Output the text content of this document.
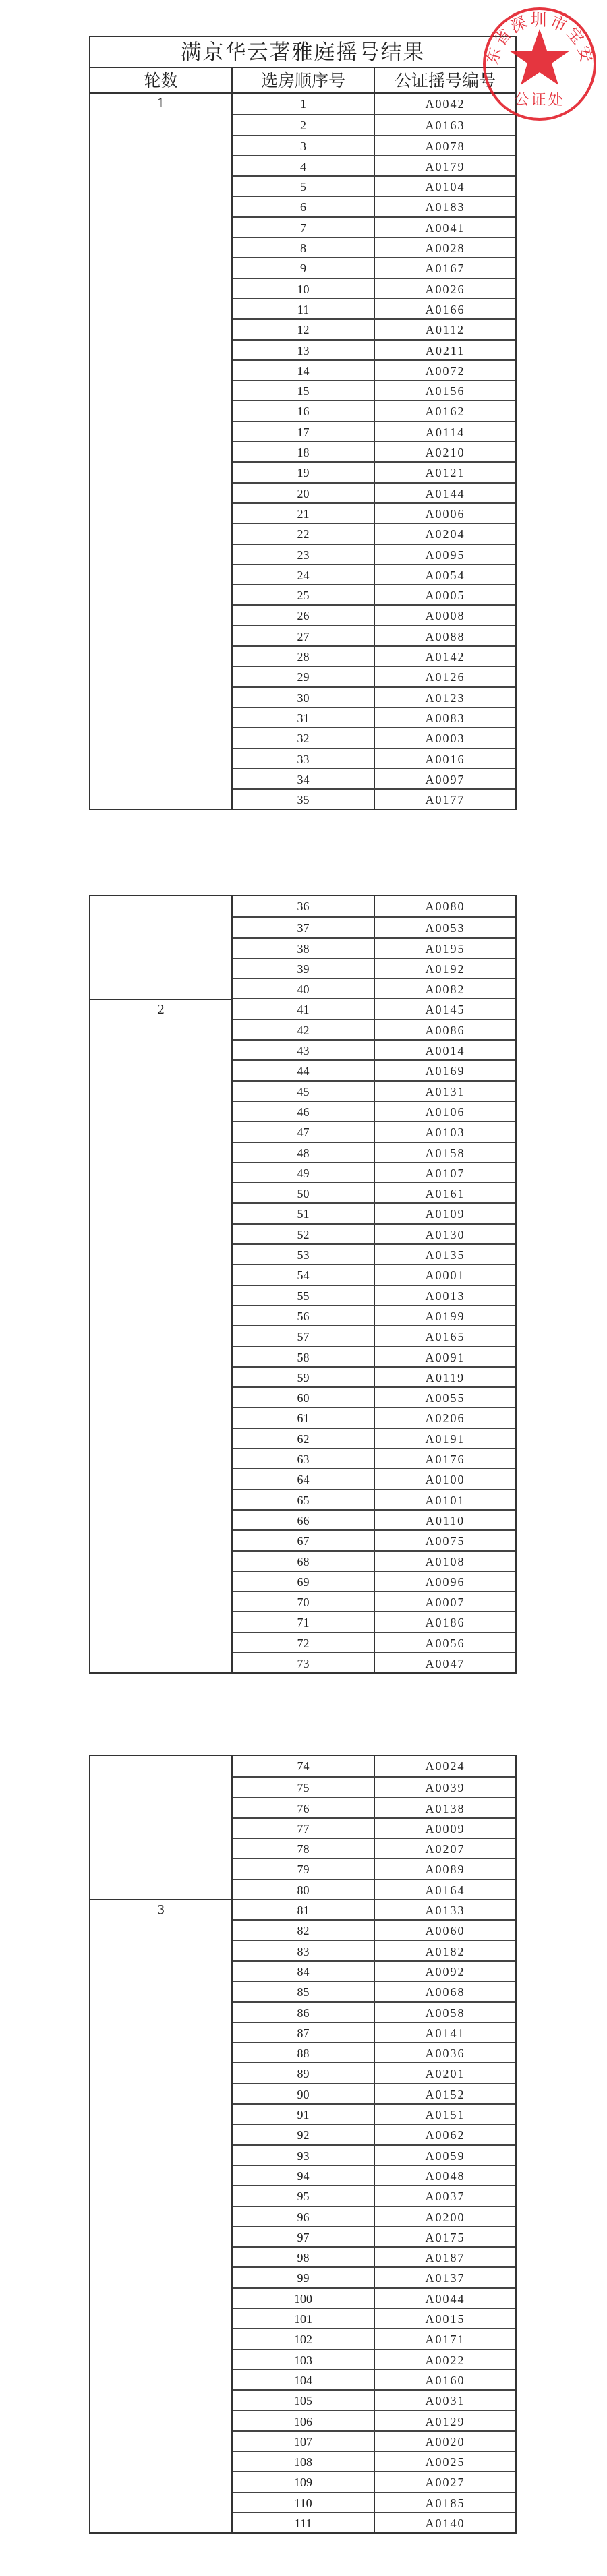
满京华云著雅庭摇号结果
轮数	选房顺序号	公证摇号编号
1	1	A0042
2	A0163
3	A0078
4	A0179
5	A0104
6	A0183
7	A0041
8	A0028
9	A0167
10	A0026
11	A0166
12	A0112
13	A0211
14	A0072
15	A0156
16	A0162
17	A0114
18	A0210
19	A0121
20	A0144
21	A0006
22	A0204
23	A0095
24	A0054
25	A0005
26	A0008
27	A0088
28	A0142
29	A0126
30	A0123
31	A0083
32	A0003
33	A0016
34	A0097
35	A0177
2
36	A0080
37	A0053
38	A0195
39	A0192
40	A0082
41	A0145
42	A0086
43	A0014
44	A0169
45	A0131
46	A0106
47	A0103
48	A0158
49	A0107
50	A0161
51	A0109
52	A0130
53	A0135
54	A0001
55	A0013
56	A0199
57	A0165
58	A0091
59	A0119
60	A0055
61	A0206
62	A0191
63	A0176
64	A0100
65	A0101
66	A0110
67	A0075
68	A0108
69	A0096
70	A0007
71	A0186
72	A0056
73	A0047
3
74	A0024
75	A0039
76	A0138
77	A0009
78	A0207
79	A0089
80	A0164
81	A0133
82	A0060
83	A0182
84	A0092
85	A0068
86	A0058
87	A0141
88	A0036
89	A0201
90	A0152
91	A0151
92	A0062
93	A0059
94	A0048
95	A0037
96	A0200
97	A0175
98	A0187
99	A0137
100	A0044
101	A0015
102	A0171
103	A0022
104	A0160
105	A0031
106	A0129
107	A0020
108	A0025
109	A0027
110	A0185
111	A0140
东省深圳市宝安
公证处
